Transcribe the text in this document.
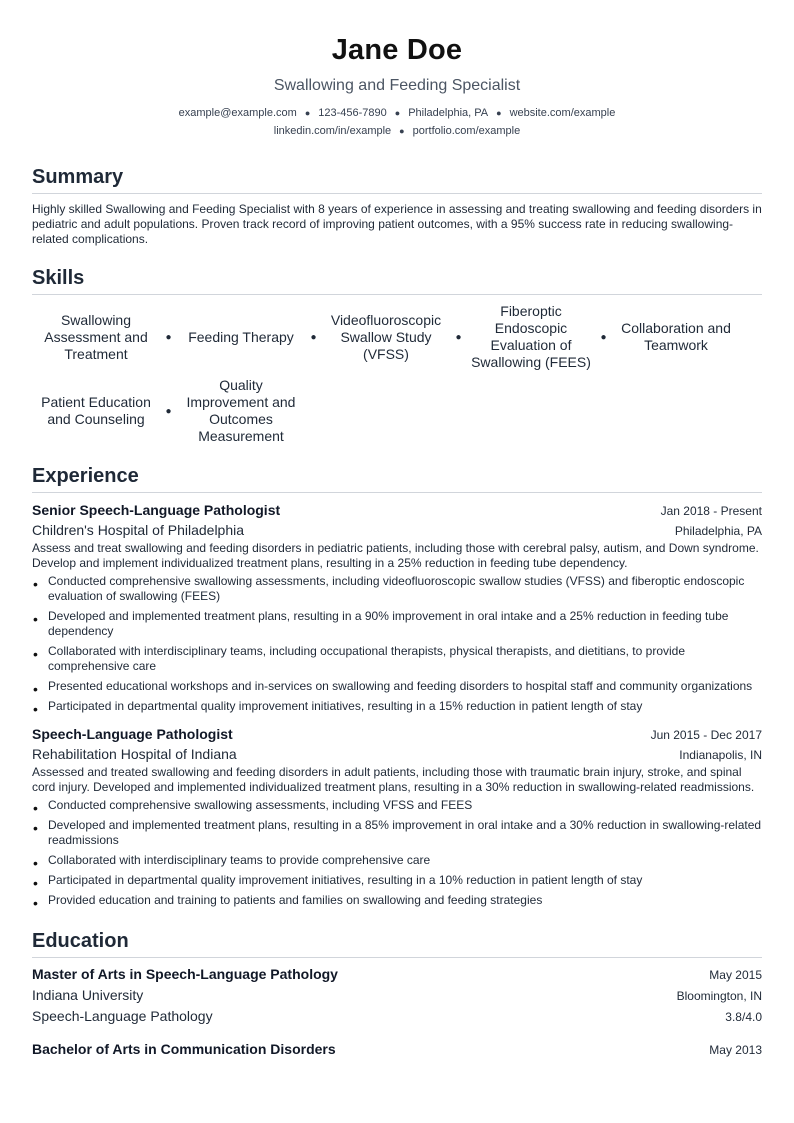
Jane Doe
Swallowing and Feeding Specialist
example@example.com ● 123-456-7890 ● Philadelphia, PA ● website.com/example
linkedin.com/in/example ● portfolio.com/example
Summary
Highly skilled Swallowing and Feeding Specialist with 8 years of experience in assessing and treating swallowing and feeding disorders in pediatric and adult populations. Proven track record of improving patient outcomes, with a 95% success rate in reducing swallowing-related complications.
Skills
Swallowing Assessment and Treatment
●	Feeding Therapy	●
Videofluoroscopic Swallow Study (VFSS)
●
Fiberoptic Endoscopic Evaluation of Swallowing (FEES)
●
Collaboration and Teamwork
Patient Education and Counseling	●
Quality Improvement and Outcomes Measurement
Experience
Senior Speech-Language Pathologist	Jan 2018 - Present
Children's Hospital of Philadelphia	Philadelphia, PA
Assess and treat swallowing and feeding disorders in pediatric patients, including those with cerebral palsy, autism, and Down syndrome. Develop and implement individualized treatment plans, resulting in a 25% reduction in feeding tube dependency.
• Conducted comprehensive swallowing assessments, including videofluoroscopic swallow studies (VFSS) and fiberoptic endoscopic evaluation of swallowing (FEES)
• Developed and implemented treatment plans, resulting in a 90% improvement in oral intake and a 25% reduction in feeding tube dependency
• Collaborated with interdisciplinary teams, including occupational therapists, physical therapists, and dietitians, to provide comprehensive care
• Presented educational workshops and in-services on swallowing and feeding disorders to hospital staff and community organizations
• Participated in departmental quality improvement initiatives, resulting in a 15% reduction in patient length of stay
Speech-Language Pathologist	Jun 2015 - Dec 2017
Rehabilitation Hospital of Indiana	Indianapolis, IN
Assessed and treated swallowing and feeding disorders in adult patients, including those with traumatic brain injury, stroke, and spinal cord injury. Developed and implemented individualized treatment plans, resulting in a 30% reduction in swallowing-related readmissions.
• Conducted comprehensive swallowing assessments, including VFSS and FEES
• Developed and implemented treatment plans, resulting in a 85% improvement in oral intake and a 30% reduction in swallowing-related readmissions
• Collaborated with interdisciplinary teams to provide comprehensive care
• Participated in departmental quality improvement initiatives, resulting in a 10% reduction in patient length of stay
• Provided education and training to patients and families on swallowing and feeding strategies
Education
Master of Arts in Speech-Language Pathology	May 2015
Indiana University	Bloomington, IN
Speech-Language Pathology	3.8/4.0
Bachelor of Arts in Communication Disorders	May 2013
